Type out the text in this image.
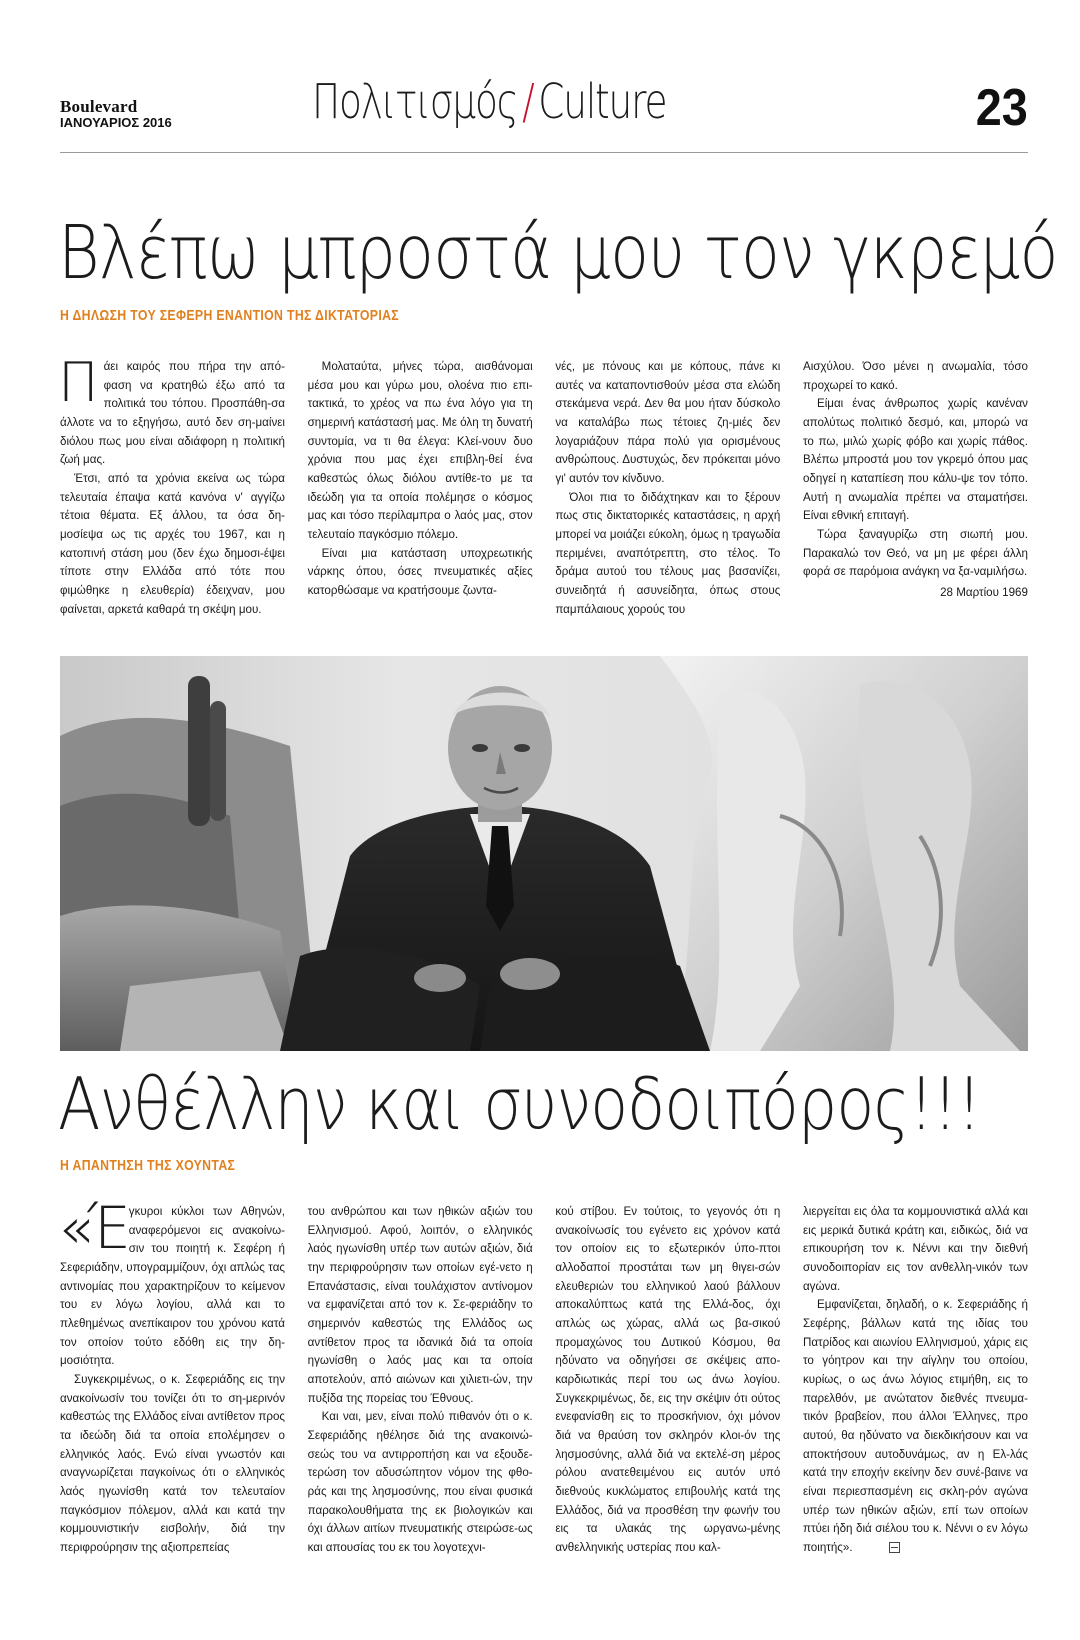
Boulevard
ΙΑΝΟΥΑΡΙΟΣ 2016	Πολιτισμός/Culture	23
Βλέπω μπροστά μου τον γκρεμό
Η ΔΗΛΩΣΗ ΤΟΥ ΣΕΦΕΡΗ ΕΝΑΝΤΙΟΝ ΤΗΣ ΔΙΚΤΑΤΟΡΙΑΣ

Πάει καιρός που πήρα την από-φαση να κρατηθώ έξω από τα πολιτικά του τόπου. Προσπάθη-σα άλλοτε να το εξηγήσω, αυτό δεν ση-μαίνει διόλου πως μου είναι αδιάφορη η πολιτική ζωή μας.

Έτσι, από τα χρόνια εκείνα ως τώρα τελευταία έπαψα κατά κανόνα ν' αγγίζω τέτοια θέματα. Εξ άλλου, τα όσα δη-μοσίεψα ως τις αρχές του 1967, και η κατοπινή στάση μου (δεν έχω δημοσι-έψει τίποτε στην Ελλάδα από τότε που φιμώθηκε η ελευθερία) έδειχναν, μου φαίνεται, αρκετά καθαρά τη σκέψη μου.

Μολαταύτα, μήνες τώρα, αισθάνομαι μέσα μου και γύρω μου, ολοένα πιο επι-τακτικά, το χρέος να πω ένα λόγο για τη σημερινή κατάστασή μας. Με όλη τη δυνατή συντομία, να τι θα έλεγα: Κλεί-νουν δυο χρόνια που μας έχει επιβλη-θεί ένα καθεστώς όλως διόλου αντίθε-το με τα ιδεώδη για τα οποία πολέμησε ο κόσμος μας και τόσο περίλαμπρα ο λαός μας, στον τελευταίο παγκόσμιο πόλεμο.

Είναι μια κατάσταση υποχρεωτικής νάρκης όπου, όσες πνευματικές αξίες κατορθώσαμε να κρατήσουμε ζωντα-

νές, με πόνους και με κόπους, πάνε κι αυτές να καταποντισθούν μέσα στα ελώδη στεκάμενα νερά. Δεν θα μου ήταν δύσκολο να καταλάβω πως τέτοιες ζη-μιές δεν λογαριάζουν πάρα πολύ για ορισμένους ανθρώπους. Δυστυχώς, δεν πρόκειται μόνο γι' αυτόν τον κίνδυνο.

Όλοι πια το διδάχτηκαν και το ξέρουν πως στις δικτατορικές καταστάσεις, η αρχή μπορεί να μοιάζει εύκολη, όμως η τραγωδία περιμένει, αναπότρεπτη, στο τέλος. Το δράμα αυτού του τέλους μας βασανίζει, συνειδητά ή ασυνείδητα, όπως στους παμπάλαιους χορούς του

Αισχύλου. Όσο μένει η ανωμαλία, τόσο προχωρεί το κακό.

Είμαι ένας άνθρωπος χωρίς κανέναν απολύτως πολιτικό δεσμό, και, μπορώ να το πω, μιλώ χωρίς φόβο και χωρίς πάθος. Βλέπω μπροστά μου τον γκρεμό όπου μας οδηγεί η καταπίεση που κάλυ-ψε τον τόπο. Αυτή η ανωμαλία πρέπει να σταματήσει. Είναι εθνική επιταγή.

Τώρα ξαναγυρίζω στη σιωπή μου. Παρακαλώ τον Θεό, να μη με φέρει άλλη φορά σε παρόμοια ανάγκη να ξα-ναμιλήσω.

28 Μαρτίου 1969

Ανθέλλην και συνοδοιπόρος!!!
Η ΑΠΑΝΤΗΣΗ ΤΗΣ ΧΟΥΝΤΑΣ

«Έγκυροι κύκλοι των Αθηνών, αναφερόμενοι εις ανακοίνω-σιν του ποιητή κ. Σεφέρη ή Σεφεριάδην, υπογραμμίζουν, όχι απλώς τας αντινομίας που χαρακτηρίζουν το κείμενον του εν λόγω λογίου, αλλά και το πλεθημένως ανεπίκαιρον του χρόνου κατά τον οποίον τούτο εδόθη εις την δη-μοσιότητα.

Συγκεκριμένως, ο κ. Σεφεριάδης εις την ανακοίνωσίν του τονίζει ότι το ση-μερινόν καθεστώς της Ελλάδος είναι αντίθετον προς τα ιδεώδη διά τα οποία επολέμησεν ο ελληνικός λαός. Ενώ είναι γνωστόν και αναγνωρίζεται παγκοίνως ότι ο ελληνικός λαός ηγωνίσθη κατά τον τελευταίον παγκόσμιον πόλεμον, αλλά και κατά την κομμουνιστικήν εισβολήν, διά την περιφρούρησιν της αξιοπρεπείας

του ανθρώπου και των ηθικών αξιών του Ελληνισμού. Αφού, λοιπόν, ο ελληνικός λαός ηγωνίσθη υπέρ των αυτών αξιών, διά την περιφρούρησιν των οποίων εγέ-νετο η Επανάστασις, είναι τουλάχιστον αντίνομον να εμφανίζεται από τον κ. Σε-φεριάδην το σημερινόν καθεστώς της Ελλάδος ως αντίθετον προς τα ιδανικά διά τα οποία ηγωνίσθη ο λαός μας και τα οποία αποτελούν, από αιώνων και χιλιετι-ών, την πυξίδα της πορείας του Έθνους.

Και ναι, μεν, είναι πολύ πιθανόν ότι ο κ. Σεφεριάδης ηθέλησε διά της ανακοινώ-σεώς του να αντιρροπήση και να εξουδε-τερώση τον αδυσώπητον νόμον της φθο-ράς και της λησμοσύνης, που είναι φυσικά παρακολουθήματα της εκ βιολογικών και όχι άλλων αιτίων πνευματικής στειρώσε-ως και απουσίας του εκ του λογοτεχνι-

κού στίβου. Εν τούτοις, το γεγονός ότι η ανακοίνωσίς του εγένετο εις χρόνον κατά τον οποίον εις το εξωτερικόν ύπο-πτοι αλλοδαποί προστάται των μη θιγει-σών ελευθεριών του ελληνικού λαού βάλλουν αποκαλύπτως κατά της Ελλά-δος, όχι απλώς ως χώρας, αλλά ως βα-σικού προμαχώνος του Δυτικού Κόσμου, θα ηδύνατο να οδηγήσει σε σκέψεις απο-καρδιωτικάς περί του ως άνω λογίου. Συγκεκριμένως, δε, εις την σκέψιν ότι ούτος ενεφανίσθη εις το προσκήνιον, όχι μόνον διά να θραύση τον σκληρόν κλοι-όν της λησμοσύνης, αλλά διά να εκτελέ-ση μέρος ρόλου ανατεθειμένου εις αυτόν υπό διεθνούς κυκλώματος επιβουλής κατά της Ελλάδος, διά να προσθέση την φωνήν του εις τα υλακάς της ωργανω-μένης ανθελληνικής υστερίας που καλ-

λιεργείται εις όλα τα κομμουνιστικά αλλά και εις μερικά δυτικά κράτη και, ειδικώς, διά να επικουρήση τον κ. Νέννι και την διεθνή συνοδοιπορίαν εις τον ανθελλη-νικόν των αγώνα.

Εμφανίζεται, δηλαδή, ο κ. Σεφεριάδης ή Σεφέρης, βάλλων κατά της ιδίας του Πατρίδος και αιωνίου Ελληνισμού, χάρις εις το γόητρον και την αίγλην του οποίου, κυρίως, ο ως άνω λόγιος ετιμήθη, εις το παρελθόν, με ανώτατον διεθνές πνευμα-τικόν βραβείον, που άλλοι Έλληνες, προ αυτού, θα ηδύνατο να διεκδικήσουν και να αποκτήσουν αυτοδυνάμως, αν η Ελ-λάς κατά την εποχήν εκείνην δεν συνέ-βαινε να είναι περιεσπασμένη εις σκλη-ρόν αγώνα υπέρ των ηθικών αξιών, επί των οποίων πτύει ήδη διά σιέλου του κ. Νέννι ο εν λόγω ποιητής».
